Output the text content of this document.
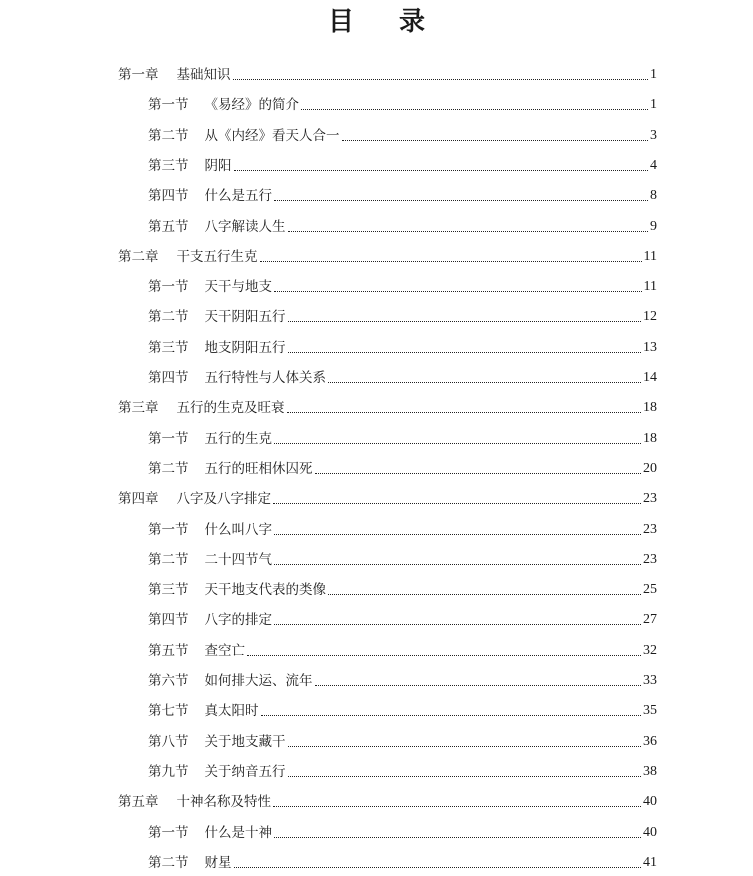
目 录
第一章 基础知识	1
第一节 《易经》的简介	1
第二节 从《内经》看天人合一	3
第三节 阴阳	4
第四节 什么是五行	8
第五节 八字解读人生	9
第二章 干支五行生克	11
第一节 天干与地支	11
第二节 天干阴阳五行	12
第三节 地支阴阳五行	13
第四节 五行特性与人体关系	14
第三章 五行的生克及旺衰	18
第一节 五行的生克	18
第二节 五行的旺相休囚死	20
第四章 八字及八字排定	23
第一节 什么叫八字	23
第二节 二十四节气	23
第三节 天干地支代表的类像	25
第四节 八字的排定	27
第五节 查空亡	32
第六节 如何排大运、流年	33
第七节 真太阳时	35
第八节 关于地支藏干	36
第九节 关于纳音五行	38
第五章 十神名称及特性	40
第一节 什么是十神	40
第二节 财星	41
